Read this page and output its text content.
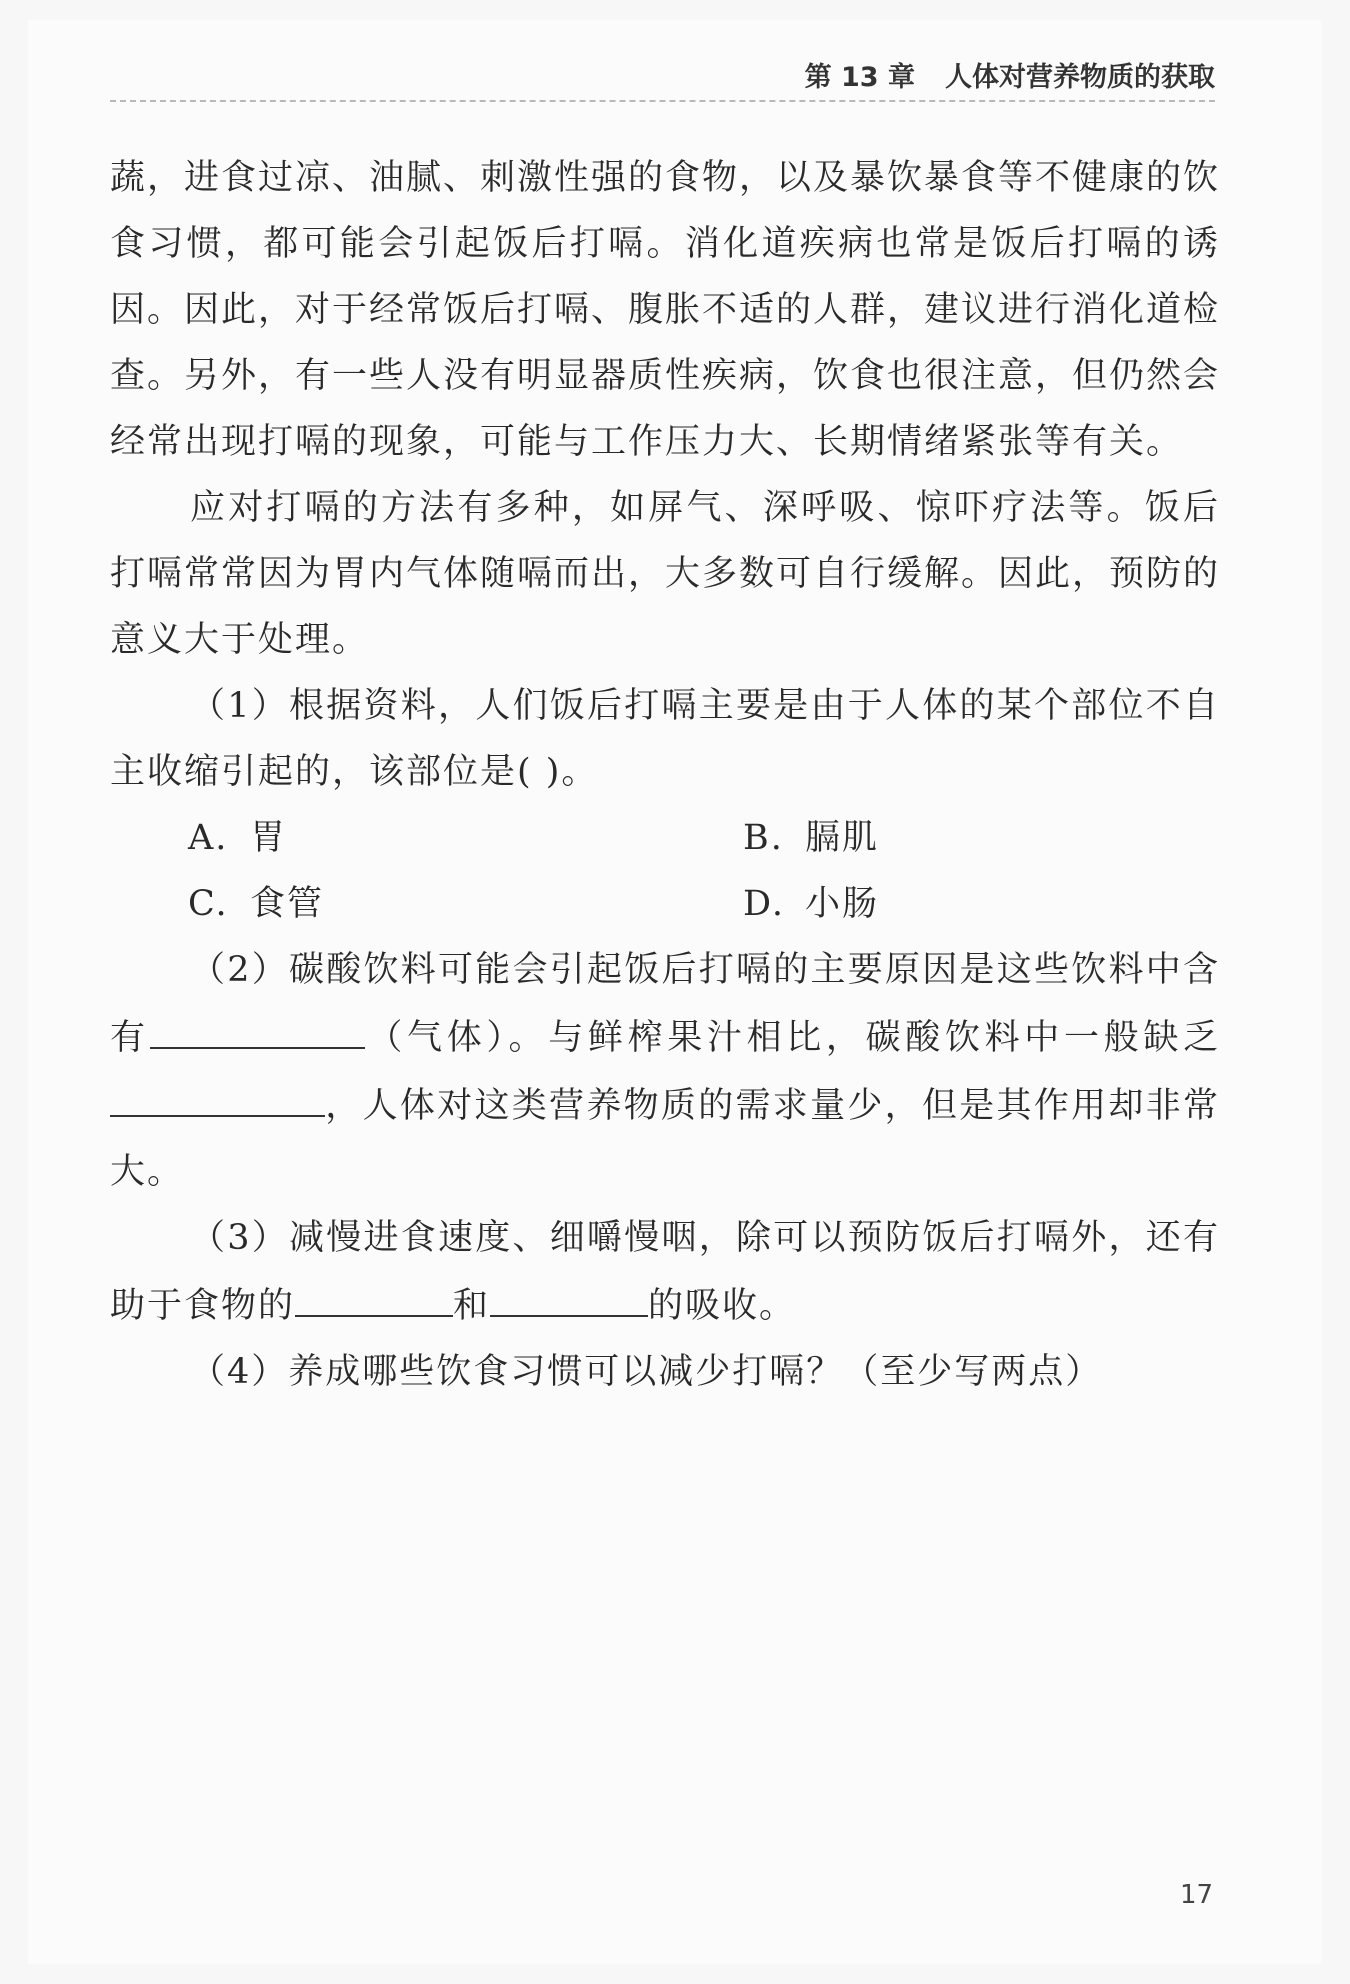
第 13 章 人体对营养物质的获取

蔬，进食过凉、油腻、刺激性强的食物，以及暴饮暴食等不健康的饮食习惯，都可能会引起饭后打嗝。消化道疾病也常是饭后打嗝的诱因。因此，对于经常饭后打嗝、腹胀不适的人群，建议进行消化道检查。另外，有一些人没有明显器质性疾病，饮食也很注意，但仍然会经常出现打嗝的现象，可能与工作压力大、长期情绪紧张等有关。

应对打嗝的方法有多种，如屏气、深呼吸、惊吓疗法等。饭后打嗝常常因为胃内气体随嗝而出，大多数可自行缓解。因此，预防的意义大于处理。

（1）根据资料，人们饭后打嗝主要是由于人体的某个部位不自主收缩引起的，该部位是( )。

A. 胃	B. 膈肌
C. 食管	D. 小肠

（2）碳酸饮料可能会引起饭后打嗝的主要原因是这些饮料中含有	（气体）。与鲜榨果汁相比，碳酸饮料中一般缺乏，人体对这类营养物质的需求量少，但是其作用却非常大。

（3）减慢进食速度、细嚼慢咽，除可以预防饭后打嗝外，还有助于食物的	和	的吸收。

（4）养成哪些饮食习惯可以减少打嗝？（至少写两点）

17
